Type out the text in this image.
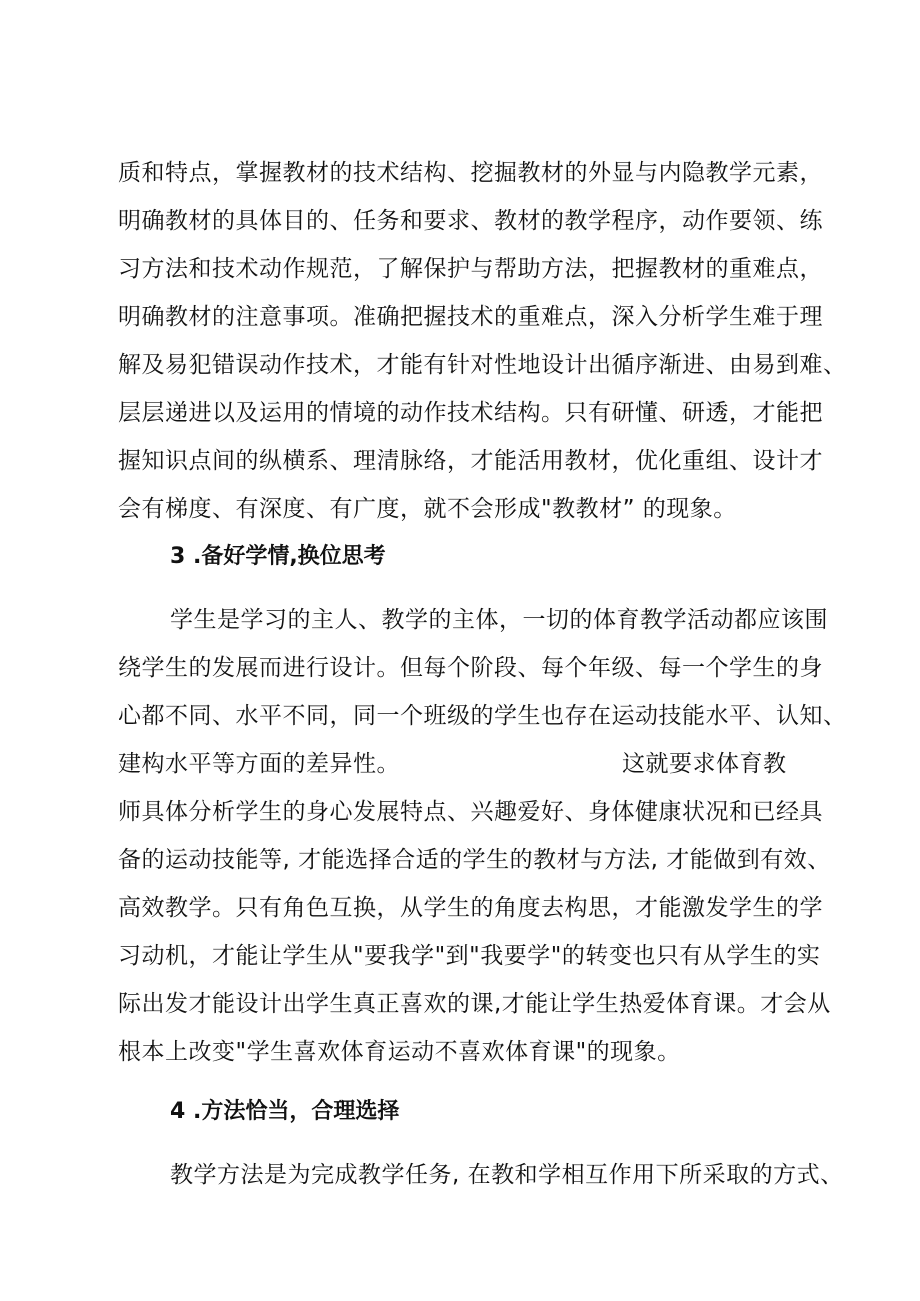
质和特点，掌握教材的技术结构、挖掘教材的外显与内隐教学元素，
明确教材的具体目的、任务和要求、教材的教学程序，动作要领、练
习方法和技术动作规范，了解保护与帮助方法，把握教材的重难点，
明确教材的注意事项。准确把握技术的重难点，深入分析学生难于理
解及易犯错误动作技术，才能有针对性地设计出循序渐进、由易到难、
层层递进以及运用的情境的动作技术结构。只有研懂、研透，才能把
握知识点间的纵横系、理清脉络，才能活用教材，优化重组、设计才
会有梯度、有深度、有广度，就不会形成"教教材” 的现象。
3 .备好学情,换位思考
学生是学习的主人、教学的主体，一切的体育教学活动都应该围
绕学生的发展而进行设计。但每个阶段、每个年级、每一个学生的身
心都不同、水平不同，同一个班级的学生也存在运动技能水平、认知、
建构水平等方面的差异性。	这就要求体育教
师具体分析学生的身心发展特点、兴趣爱好、身体健康状况和已经具
备的运动技能等, 才能选择合适的学生的教材与方法, 才能做到有效、
高效教学。只有角色互换，从学生的角度去构思，才能激发学生的学
习动机，才能让学生从"要我学"到"我要学"的转变也只有从学生的实
际出发才能设计出学生真正喜欢的课,才能让学生热爱体育课。才会从
根本上改变"学生喜欢体育运动不喜欢体育课"的现象。
4 .方法恰当，合理选择
教学方法是为完成教学任务, 在教和学相互作用下所采取的方式、
